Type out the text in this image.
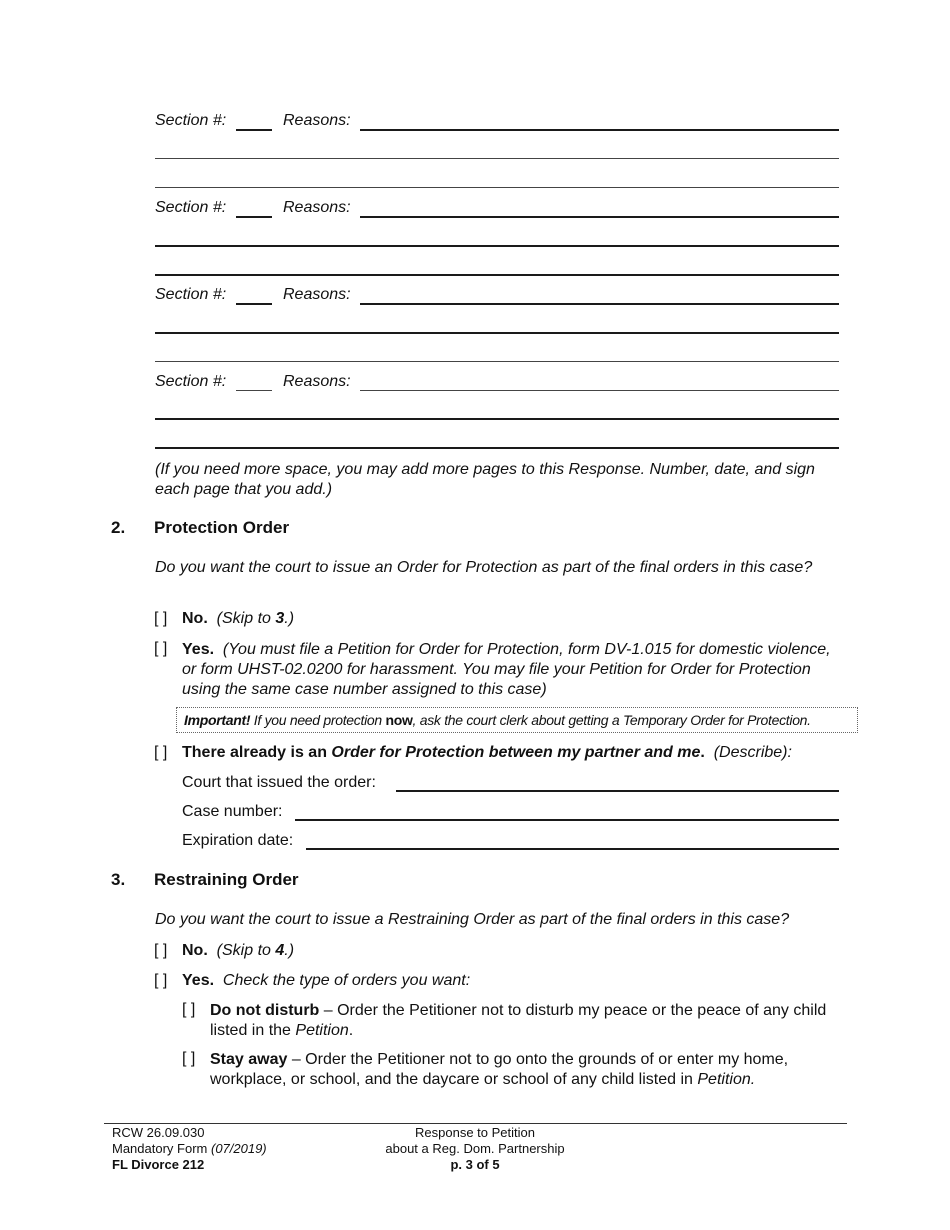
Section #:	Reasons:
Section #:	Reasons:
Section #:	Reasons:
Section #:	Reasons:
(If you need more space, you may add more pages to this Response. Number, date, and sign each page that you add.)
2. Protection Order
Do you want the court to issue an Order for Protection as part of the final orders in this case?
[ ] No. (Skip to 3.)
[ ] Yes. (You must file a Petition for Order for Protection, form DV-1.015 for domestic violence, or form UHST-02.0200 for harassment. You may file your Petition for Order for Protection using the same case number assigned to this case)
Important! If you need protection now, ask the court clerk about getting a Temporary Order for Protection.
[ ] There already is an Order for Protection between my partner and me. (Describe):
Court that issued the order:
Case number:
Expiration date:
3. Restraining Order
Do you want the court to issue a Restraining Order as part of the final orders in this case?
[ ] No. (Skip to 4.)
[ ] Yes. Check the type of orders you want:
[ ] Do not disturb – Order the Petitioner not to disturb my peace or the peace of any child listed in the Petition.
[ ] Stay away – Order the Petitioner not to go onto the grounds of or enter my home, workplace, or school, and the daycare or school of any child listed in Petition.
RCW 26.09.030
Mandatory Form (07/2019)
FL Divorce 212
Response to Petition
about a Reg. Dom. Partnership
p. 3 of 5
